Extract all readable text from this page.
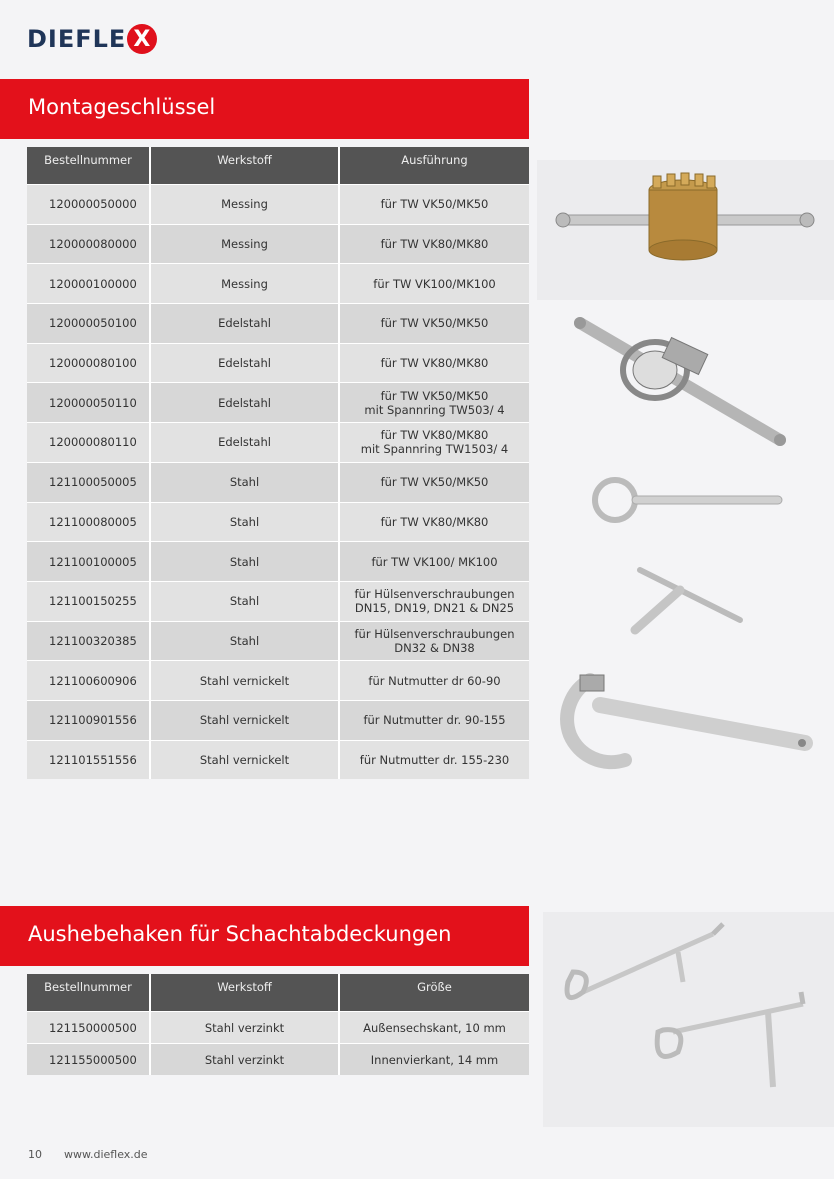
DIEFLE X
Montageschlüssel
Bestellnummer	Werkstoff	Ausführung
120000050000	Messing	für TW VK50/MK50
120000080000	Messing	für TW VK80/MK80
120000100000	Messing	für TW VK100/MK100
120000050100	Edelstahl	für TW VK50/MK50
120000080100	Edelstahl	für TW VK80/MK80
120000050110	Edelstahl	für TW VK50/MK50
mit Spannring TW503/ 4
120000080110	Edelstahl	für TW VK80/MK80
mit Spannring TW1503/ 4
121100050005	Stahl	für TW VK50/MK50
121100080005	Stahl	für TW VK80/MK80
121100100005	Stahl	für TW VK100/ MK100
121100150255	Stahl	für Hülsenverschraubungen
DN15, DN19, DN21 & DN25
121100320385	Stahl	für Hülsenverschraubungen
DN32 & DN38
121100600906	Stahl vernickelt	für Nutmutter dr 60-90
121100901556	Stahl vernickelt	für Nutmutter dr. 90-155
121101551556	Stahl vernickelt	für Nutmutter dr. 155-230
Aushebehaken für Schachtabdeckungen
Bestellnummer	Werkstoff	Größe
121150000500	Stahl verzinkt	Außensechskant, 10 mm
121155000500	Stahl verzinkt	Innenvierkant, 14 mm
10 www.dieflex.de
